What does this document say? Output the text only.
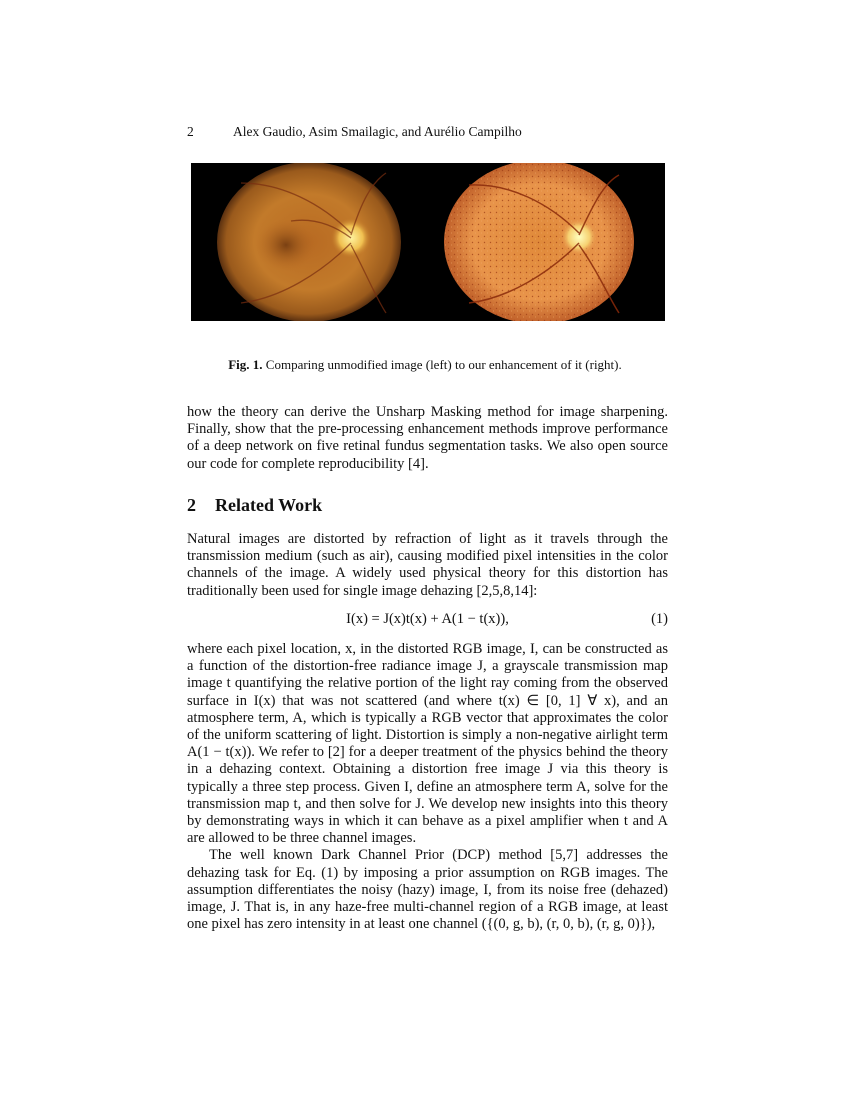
2	Alex Gaudio, Asim Smailagic, and Aurélio Campilho
Fig. 1. Comparing unmodified image (left) to our enhancement of it (right).

how the theory can derive the Unsharp Masking method for image sharpening. Finally, show that the pre-processing enhancement methods improve performance of a deep network on five retinal fundus segmentation tasks. We also open source our code for complete reproducibility [4].

2 Related Work

Natural images are distorted by refraction of light as it travels through the transmission medium (such as air), causing modified pixel intensities in the color channels of the image. A widely used physical theory for this distortion has traditionally been used for single image dehazing [2,5,8,14]:

I(x) = J(x)t(x) + A(1 − t(x)),	(1)

where each pixel location, x, in the distorted RGB image, I, can be constructed as a function of the distortion-free radiance image J, a grayscale transmission map image t quantifying the relative portion of the light ray coming from the observed surface in I(x) that was not scattered (and where t(x) ∈ [0, 1] ∀ x), and an atmosphere term, A, which is typically a RGB vector that approximates the color of the uniform scattering of light. Distortion is simply a non-negative airlight term A(1 − t(x)). We refer to [2] for a deeper treatment of the physics behind the theory in a dehazing context. Obtaining a distortion free image J via this theory is typically a three step process. Given I, define an atmosphere term A, solve for the transmission map t, and then solve for J. We develop new insights into this theory by demonstrating ways in which it can behave as a pixel amplifier when t and A are allowed to be three channel images.

The well known Dark Channel Prior (DCP) method [5,7] addresses the dehazing task for Eq. (1) by imposing a prior assumption on RGB images. The assumption differentiates the noisy (hazy) image, I, from its noise free (dehazed) image, J. That is, in any haze-free multi-channel region of a RGB image, at least one pixel has zero intensity in at least one channel ({(0, g, b), (r, 0, b), (r, g, 0)}),
